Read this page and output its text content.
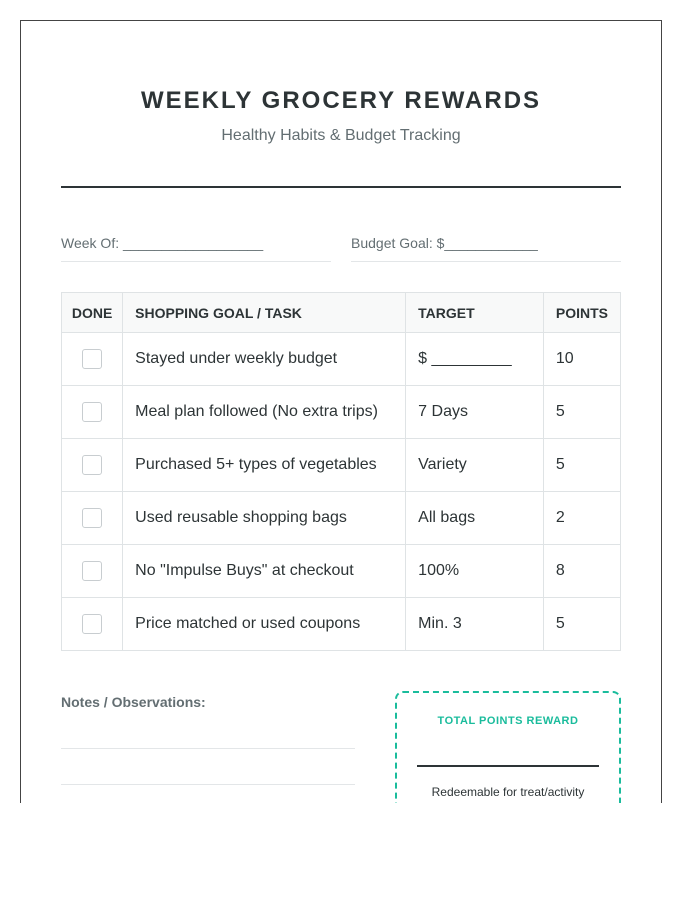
WEEKLY GROCERY REWARDS
Healthy Habits & Budget Tracking
Week Of: __________________	Budget Goal: $____________
DONE	SHOPPING GOAL / TASK	TARGET	POINTS
	Stayed under weekly budget	$ _________	10
	Meal plan followed (No extra trips)	7 Days	5
	Purchased 5+ types of vegetables	Variety	5
	Used reusable shopping bags	All bags	2
	No "Impulse Buys" at checkout	100%	8
	Price matched or used coupons	Min. 3	5
Notes / Observations:
TOTAL POINTS REWARD
Redeemable for treat/activity
